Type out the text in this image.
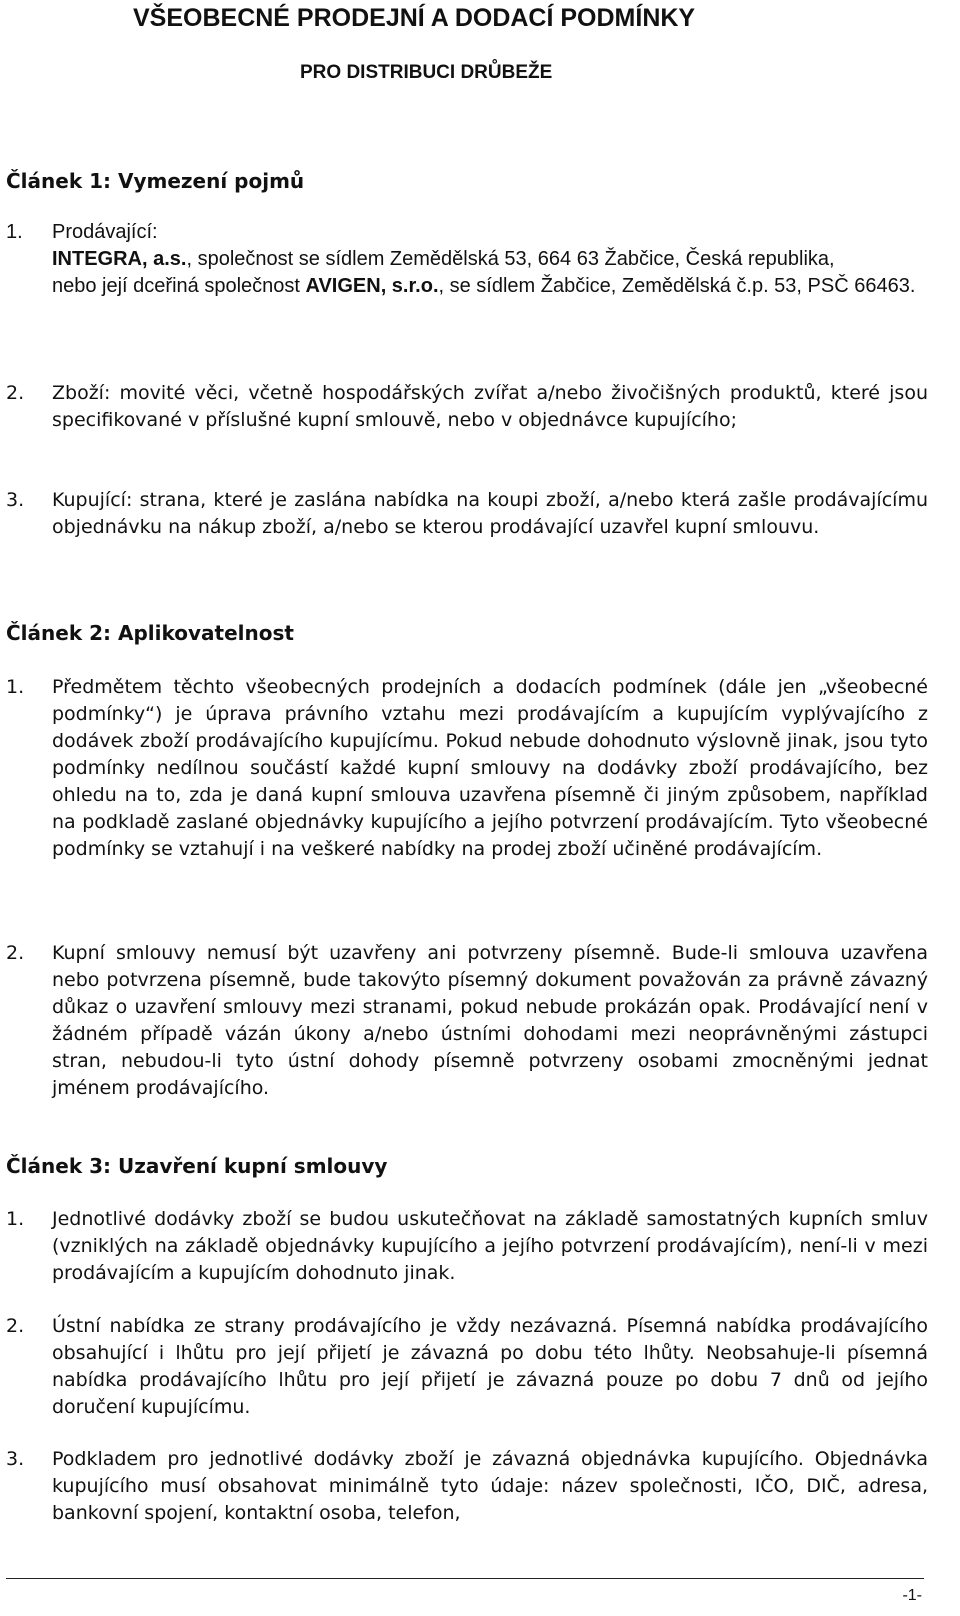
VŠEOBECNÉ PRODEJNÍ A DODACÍ PODMÍNKY
PRO DISTRIBUCI DRŮBEŽE
Článek 1: Vymezení pojmů
1. Prodávající:
INTEGRA, a.s., společnost se sídlem Zemědělská 53, 664 63 Žabčice, Česká republika,
nebo její dceřiná společnost AVIGEN, s.r.o., se sídlem Žabčice, Zemědělská č.p. 53, PSČ 66463.
2. Zboží: movité věci, včetně hospodářských zvířat a/nebo živočišných produktů, které jsou specifikované v příslušné kupní smlouvě, nebo v objednávce kupujícího;
3. Kupující: strana, které je zaslána nabídka na koupi zboží, a/nebo která zašle prodávajícímu objednávku na nákup zboží, a/nebo se kterou prodávající uzavřel kupní smlouvu.
Článek 2: Aplikovatelnost
1. Předmětem těchto všeobecných prodejních a dodacích podmínek (dále jen „všeobecné podmínky“) je úprava právního vztahu mezi prodávajícím a kupujícím vyplývajícího z dodávek zboží prodávajícího kupujícímu. Pokud nebude dohodnuto výslovně jinak, jsou tyto podmínky nedílnou součástí každé kupní smlouvy na dodávky zboží prodávajícího, bez ohledu na to, zda je daná kupní smlouva uzavřena písemně či jiným způsobem, například na podkladě zaslané objednávky kupujícího a jejího potvrzení prodávajícím. Tyto všeobecné podmínky se vztahují i na veškeré nabídky na prodej zboží učiněné prodávajícím.
2. Kupní smlouvy nemusí být uzavřeny ani potvrzeny písemně. Bude-li smlouva uzavřena nebo potvrzena písemně, bude takovýto písemný dokument považován za právně závazný důkaz o uzavření smlouvy mezi stranami, pokud nebude prokázán opak. Prodávající není v žádném případě vázán úkony a/nebo ústními dohodami mezi neoprávněnými zástupci stran, nebudou-li tyto ústní dohody písemně potvrzeny osobami zmocněnými jednat jménem prodávajícího.
Článek 3: Uzavření kupní smlouvy
1. Jednotlivé dodávky zboží se budou uskutečňovat na základě samostatných kupních smluv (vzniklých na základě objednávky kupujícího a jejího potvrzení prodávajícím), není-li v mezi prodávajícím a kupujícím dohodnuto jinak.
2. Ústní nabídka ze strany prodávajícího je vždy nezávazná. Písemná nabídka prodávajícího obsahující i lhůtu pro její přijetí je závazná po dobu této lhůty. Neobsahuje-li písemná nabídka prodávajícího lhůtu pro její přijetí je závazná pouze po dobu 7 dnů od jejího doručení kupujícímu.
3. Podkladem pro jednotlivé dodávky zboží je závazná objednávka kupujícího. Objednávka kupujícího musí obsahovat minimálně tyto údaje: název společnosti, IČO, DIČ, adresa, bankovní spojení, kontaktní osoba, telefon,
-1-
